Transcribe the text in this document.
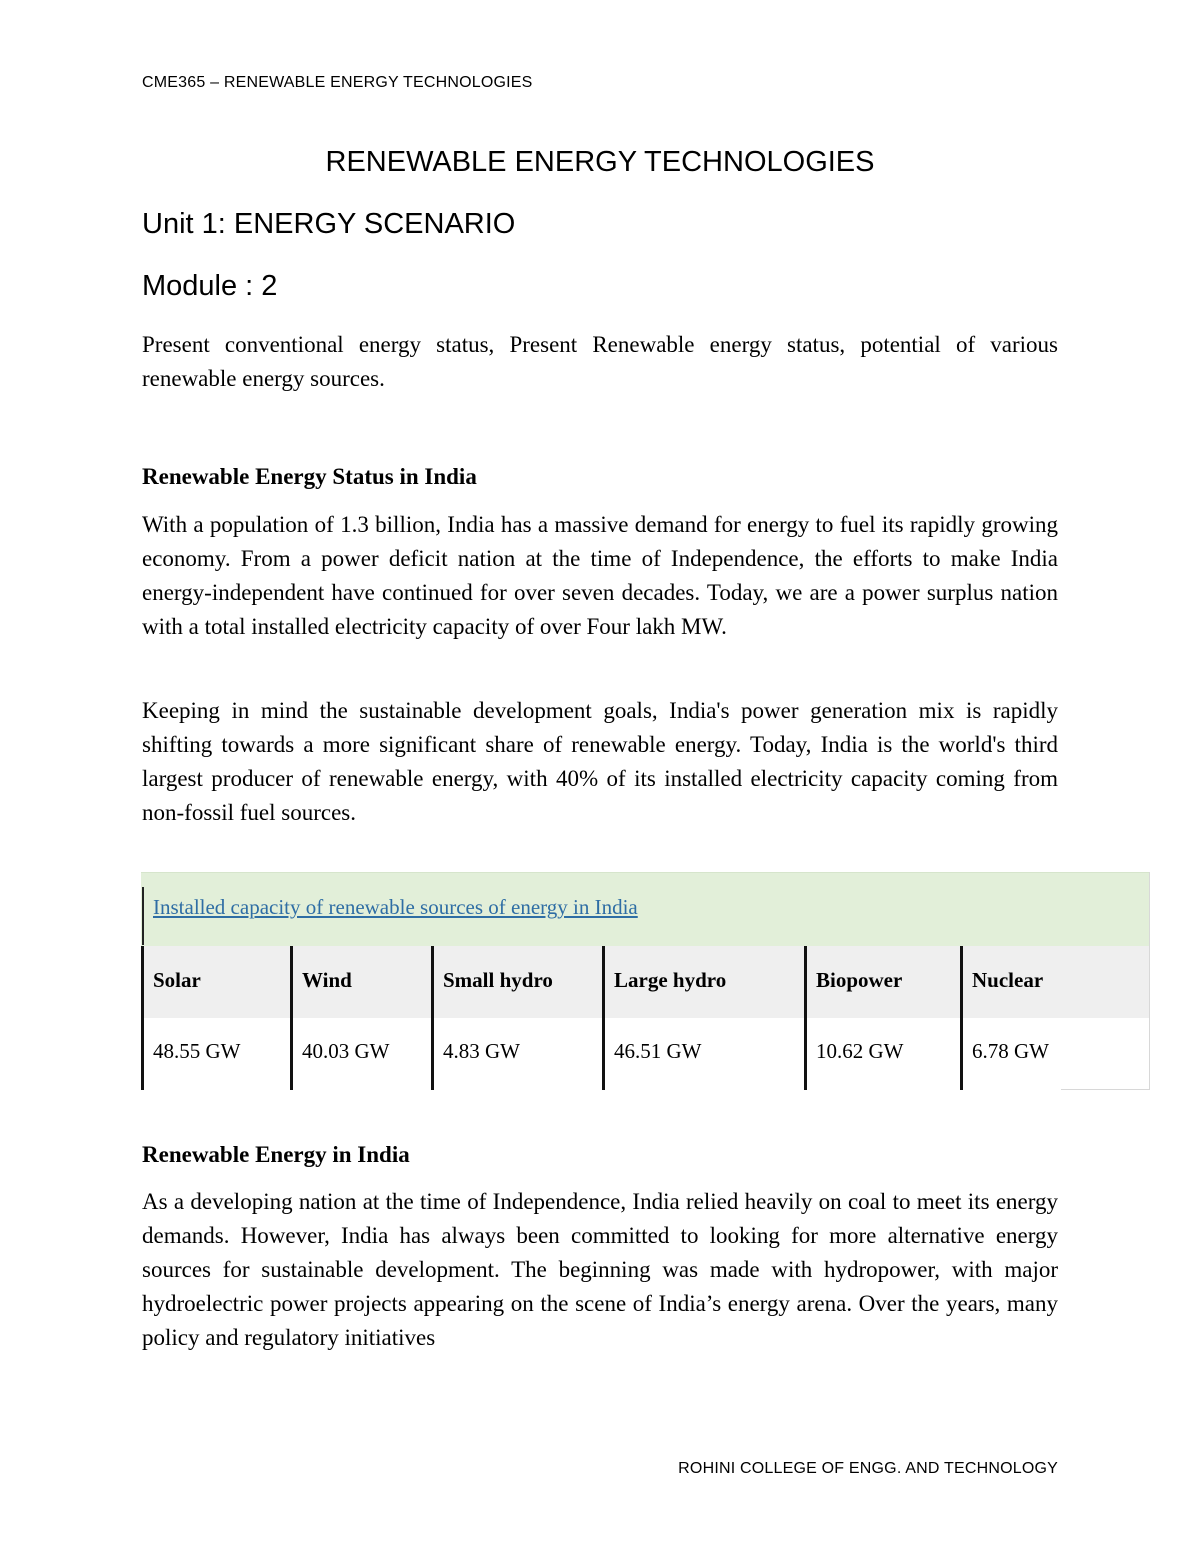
CME365 – RENEWABLE ENERGY TECHNOLOGIES
RENEWABLE ENERGY TECHNOLOGIES
Unit 1: ENERGY SCENARIO
Module : 2
Present conventional energy status, Present Renewable energy status, potential of various renewable energy sources.
Renewable Energy Status in India
With a population of 1.3 billion, India has a massive demand for energy to fuel its rapidly growing economy. From a power deficit nation at the time of Independence, the efforts to make India energy-independent have continued for over seven decades. Today, we are a power surplus nation with a total installed electricity capacity of over Four lakh MW.
Keeping in mind the sustainable development goals, India's power generation mix is rapidly shifting towards a more significant share of renewable energy. Today, India is the world's third largest producer of renewable energy, with 40% of its installed electricity capacity coming from non-fossil fuel sources.
Installed capacity of renewable sources of energy in India
Solar	Wind	Small hydro	Large hydro	Biopower	Nuclear
48.55 GW	40.03 GW	4.83 GW	46.51 GW	10.62 GW	6.78 GW
Renewable Energy in India
As a developing nation at the time of Independence, India relied heavily on coal to meet its energy demands. However, India has always been committed to looking for more alternative energy sources for sustainable development. The beginning was made with hydropower, with major hydroelectric power projects appearing on the scene of India’s energy arena. Over the years, many policy and regulatory initiatives
ROHINI COLLEGE OF ENGG. AND TECHNOLOGY
